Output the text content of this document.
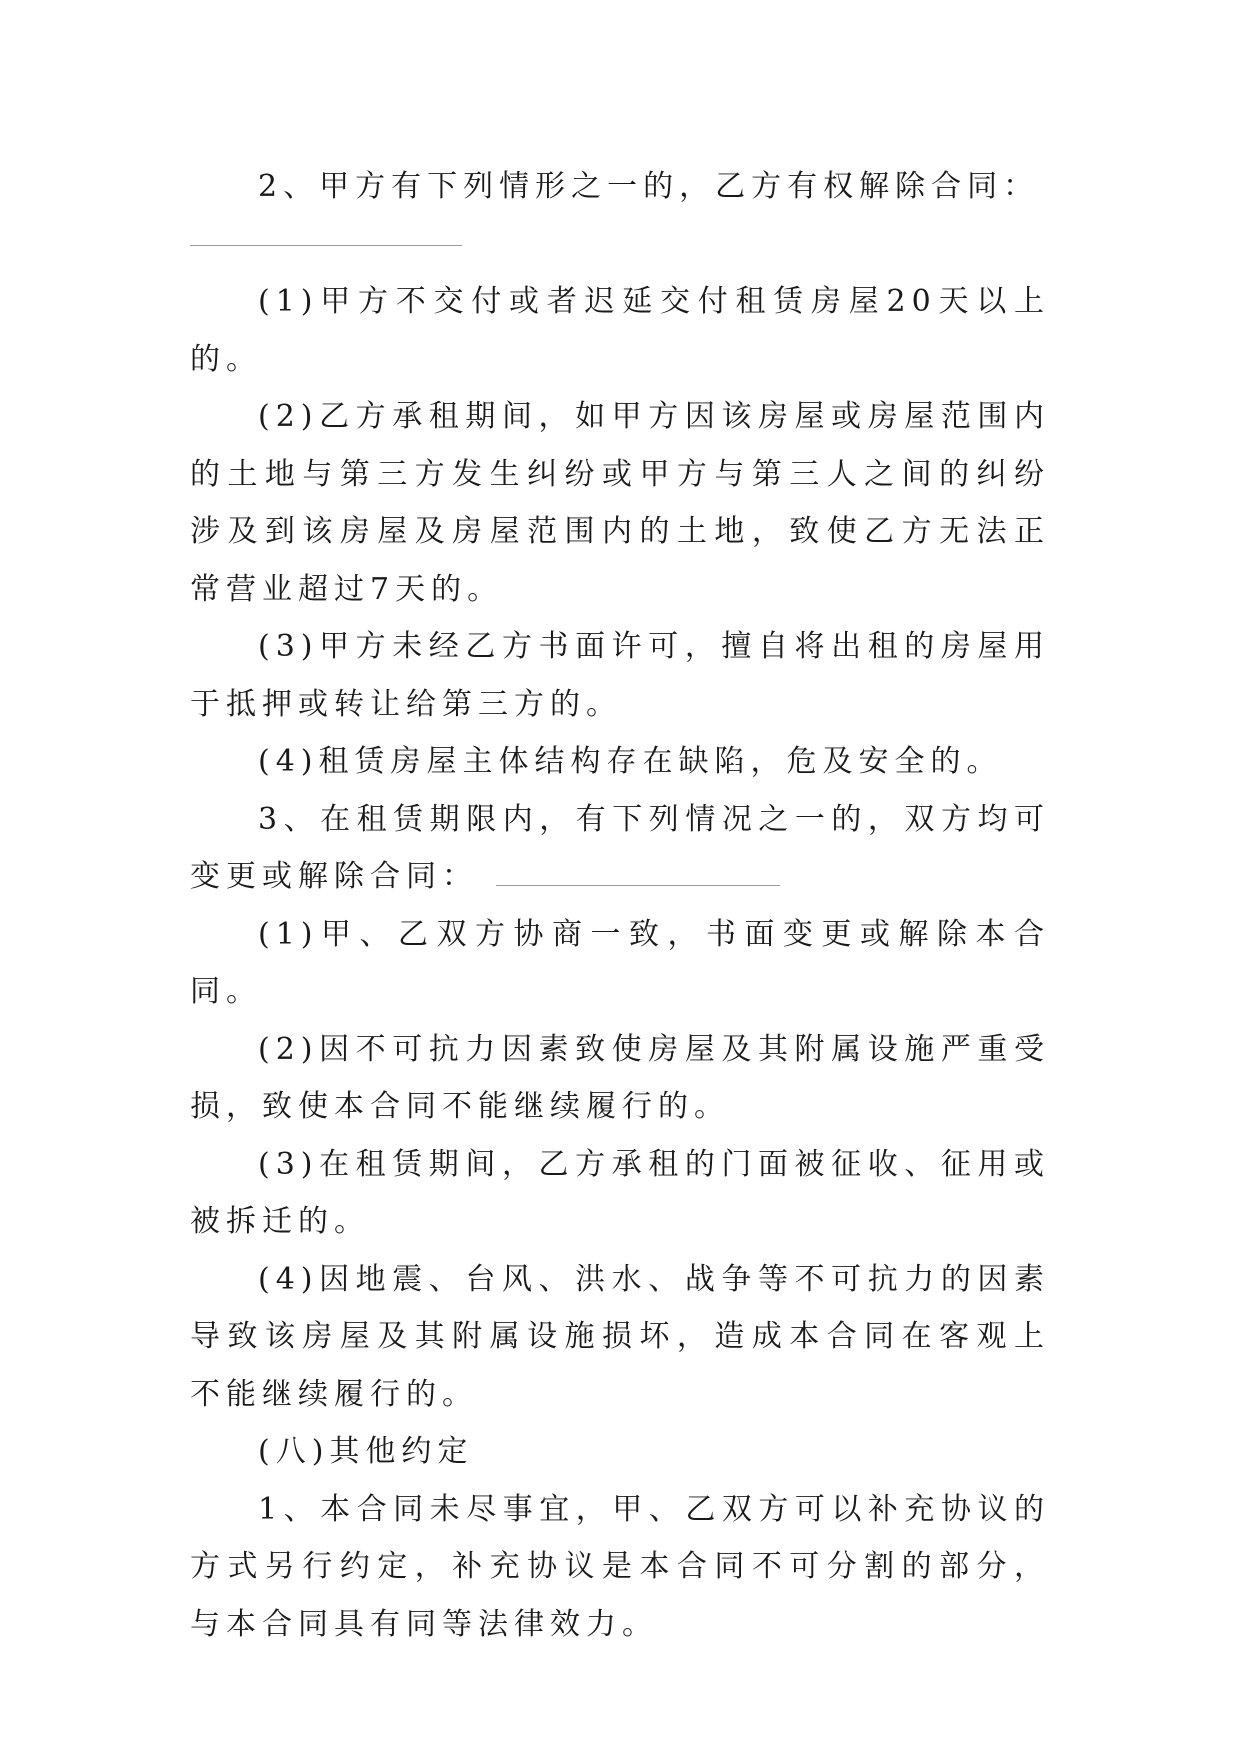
2、甲方有下列情形之一的，乙方有权解除合同：

(1)甲方不交付或者迟延交付租赁房屋20天以上的。

(2)乙方承租期间，如甲方因该房屋或房屋范围内的土地与第三方发生纠纷或甲方与第三人之间的纠纷涉及到该房屋及房屋范围内的土地，致使乙方无法正常营业超过7天的。

(3)甲方未经乙方书面许可，擅自将出租的房屋用于抵押或转让给第三方的。

(4)租赁房屋主体结构存在缺陷，危及安全的。

3、在租赁期限内，有下列情况之一的，双方均可变更或解除合同：

(1)甲、乙双方协商一致，书面变更或解除本合同。

(2)因不可抗力因素致使房屋及其附属设施严重受损，致使本合同不能继续履行的。

(3)在租赁期间，乙方承租的门面被征收、征用或被拆迁的。

(4)因地震、台风、洪水、战争等不可抗力的因素导致该房屋及其附属设施损坏，造成本合同在客观上不能继续履行的。

(八)其他约定

1、本合同未尽事宜，甲、乙双方可以补充协议的方式另行约定，补充协议是本合同不可分割的部分，与本合同具有同等法律效力。
